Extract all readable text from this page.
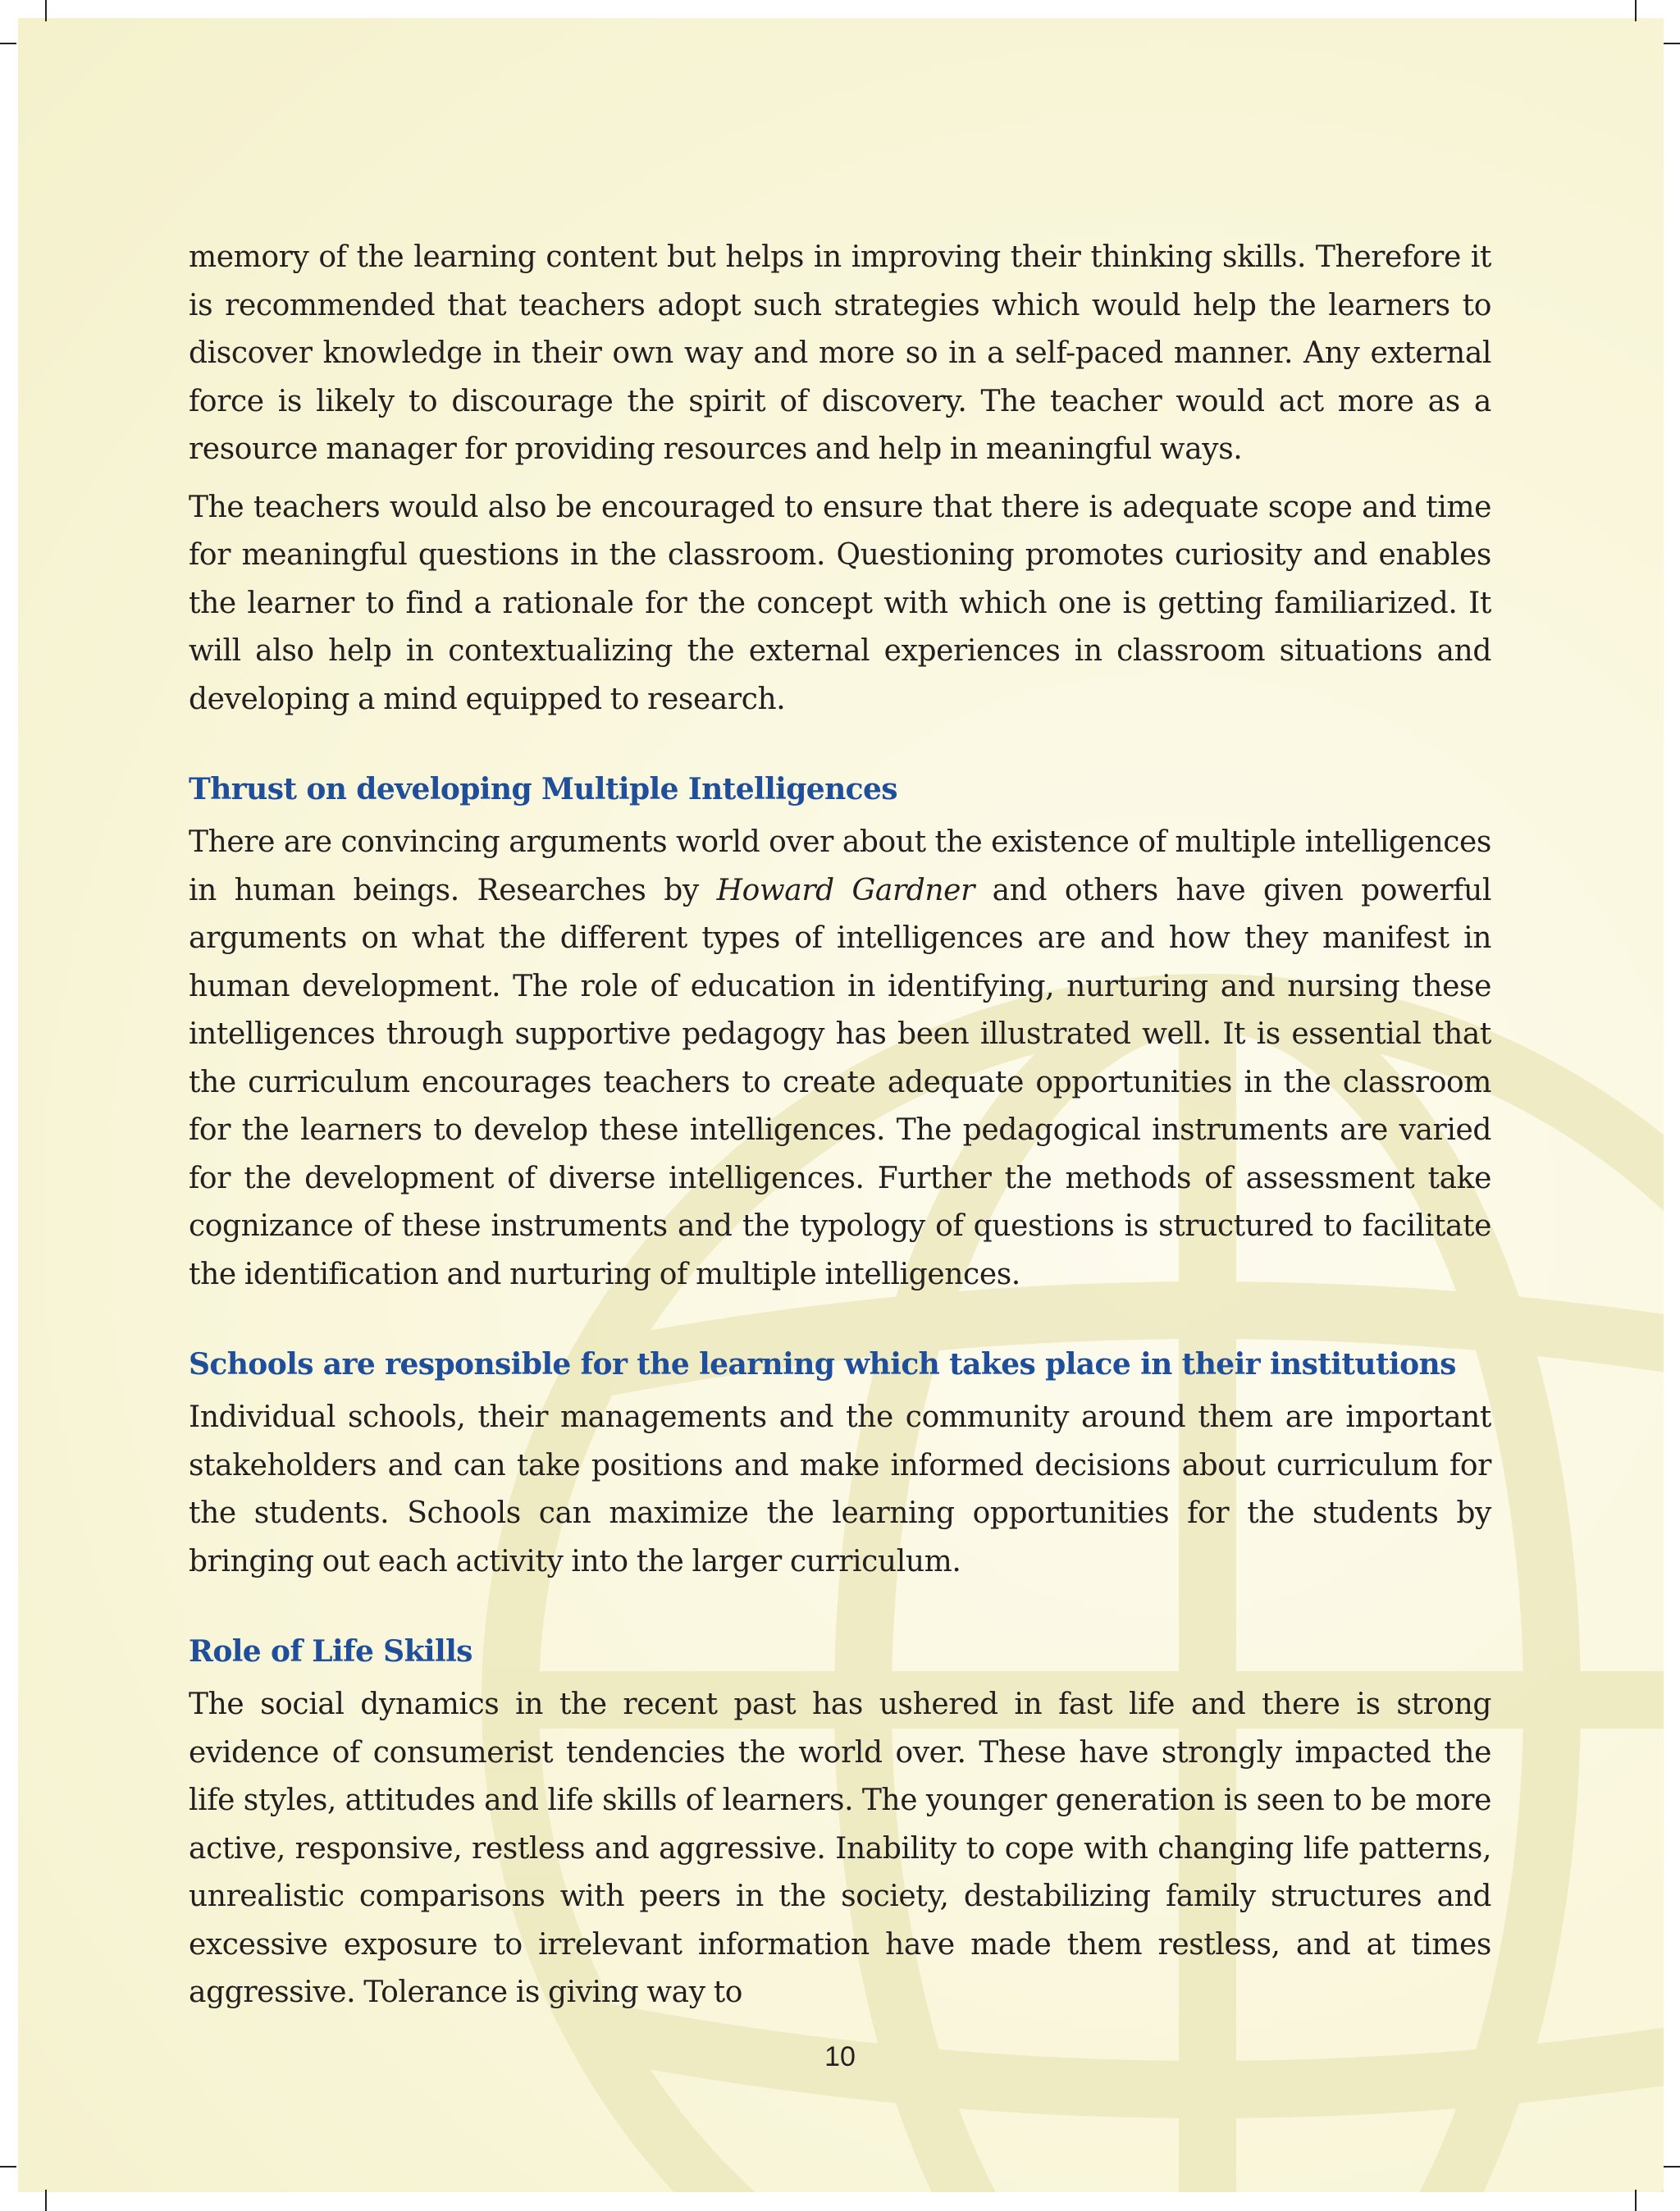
memory of the learning content but helps in improving their thinking skills. Therefore it is recommended that teachers adopt such strategies which would help the learners to discover knowledge in their own way and more so in a self-paced manner. Any external force is likely to discourage the spirit of discovery. The teacher would act more as a resource manager for providing resources and help in meaningful ways.

The teachers would also be encouraged to ensure that there is adequate scope and time for meaningful questions in the classroom. Questioning promotes curiosity and enables the learner to find a rationale for the concept with which one is getting familiarized. It will also help in contextualizing the external experiences in classroom situations and developing a mind equipped to research.

Thrust on developing Multiple Intelligences

There are convincing arguments world over about the existence of multiple intelligences in human beings. Researches by Howard Gardner and others have given powerful arguments on what the different types of intelligences are and how they manifest in human development. The role of education in identifying, nurturing and nursing these intelligences through supportive pedagogy has been illustrated well. It is essential that the curriculum encourages teachers to create adequate opportunities in the classroom for the learners to develop these intelligences. The pedagogical instruments are varied for the development of diverse intelligences. Further the methods of assessment take cognizance of these instruments and the typology of questions is structured to facilitate the identification and nurturing of multiple intelligences.

Schools are responsible for the learning which takes place in their institutions

Individual schools, their managements and the community around them are important stakeholders and can take positions and make informed decisions about curriculum for the students. Schools can maximize the learning opportunities for the students by bringing out each activity into the larger curriculum.

Role of Life Skills

The social dynamics in the recent past has ushered in fast life and there is strong evidence of consumerist tendencies the world over. These have strongly impacted the life styles, attitudes and life skills of learners. The younger generation is seen to be more active, responsive, restless and aggressive. Inability to cope with changing life patterns, unrealistic comparisons with peers in the society, destabilizing family structures and excessive exposure to irrelevant information have made them restless, and at times aggressive. Tolerance is giving way to

10
